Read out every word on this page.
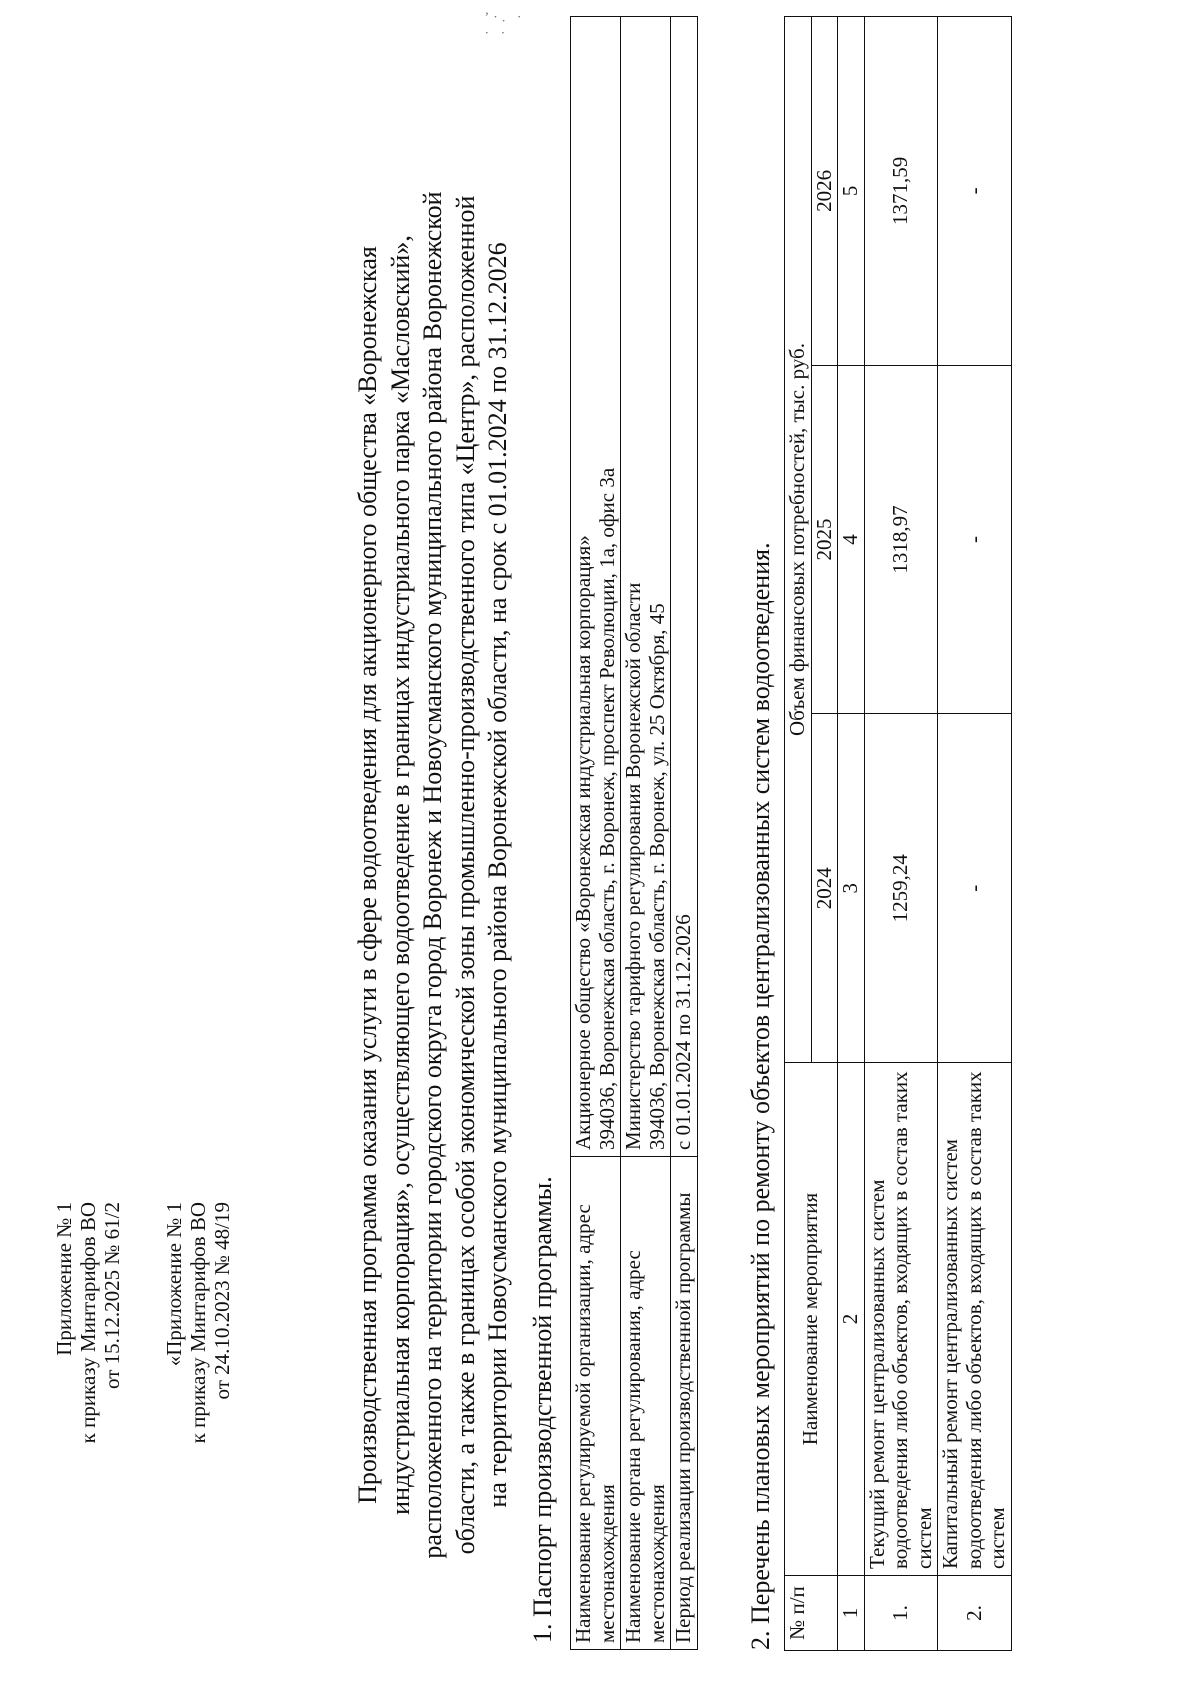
ʼ·. · · ·
Приложение № 1 к приказу Минтарифов ВО от 15.12.2025 № 61/2 «Приложение № 1 к приказу Минтарифов ВО от 24.10.2023 № 48/19	Производственная программа оказания услуги в сфере водоотведения для акционерного общества «Воронежская индустриальная корпорация», осуществляющего водоотведение в границах индустриального парка «Масловский», расположенного на территории городского округа город Воронеж и Новоусманского муниципального района Воронежской области, а также в границах особой экономической зоны промышленно-производственного типа «Центр», расположенной на территории Новоусманского муниципального района Воронежской области, на срок с 01.01.2024 по 31.12.2026 1. Паспорт производственной программы. Наименование регулируемой организации, адрес местонахождения	Акционерное общество «Воронежская индустриальная корпорация» 394036, Воронежская область, г. Воронеж, проспект Революции, 1а, офис 3а

Наименование органа регулирования, адрес местонахождения	Министерство тарифного регулирования Воронежской области 394036, Воронежская область, г. Воронеж, ул. 25 Октября, 45

Период реализации производственной программы	с 01.01.2024 по 31.12.2026 2. Перечень плановых мероприятий по ремонту объектов централизованных систем водоотведения. № п/п	Наименование мероприятия	Объем финансовых потребностей, тыс. руб.		
		2024	2025	2026
1	2	3	4	5
1.	Текущий ремонт централизованных систем водоотведения либо объектов, входящих в состав таких систем	1259,24	1318,97	1371,59
2.	Капитальный ремонт централизованных систем водоотведения либо объектов, входящих в состав таких систем	-	-	-
